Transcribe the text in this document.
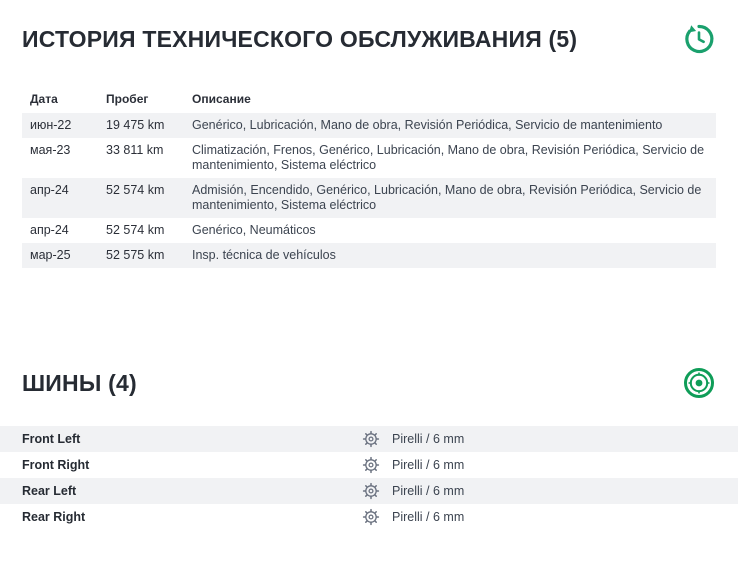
ИСТОРИЯ ТЕХНИЧЕСКОГО ОБСЛУЖИВАНИЯ (5)
Дата	Пробег	Описание
июн-22	19 475 km	Genérico, Lubricación, Mano de obra, Revisión Periódica, Servicio de mantenimiento
мая-23	33 811 km	Climatización, Frenos, Genérico, Lubricación, Mano de obra, Revisión Periódica, Servicio de mantenimiento, Sistema eléctrico
апр-24	52 574 km	Admisión, Encendido, Genérico, Lubricación, Mano de obra, Revisión Periódica, Servicio de mantenimiento, Sistema eléctrico
апр-24	52 574 km	Genérico, Neumáticos
мар-25	52 575 km	Insp. técnica de vehículos
ШИНЫ (4)
Front Left	Pirelli / 6 mm
Front Right	Pirelli / 6 mm
Rear Left	Pirelli / 6 mm
Rear Right	Pirelli / 6 mm
